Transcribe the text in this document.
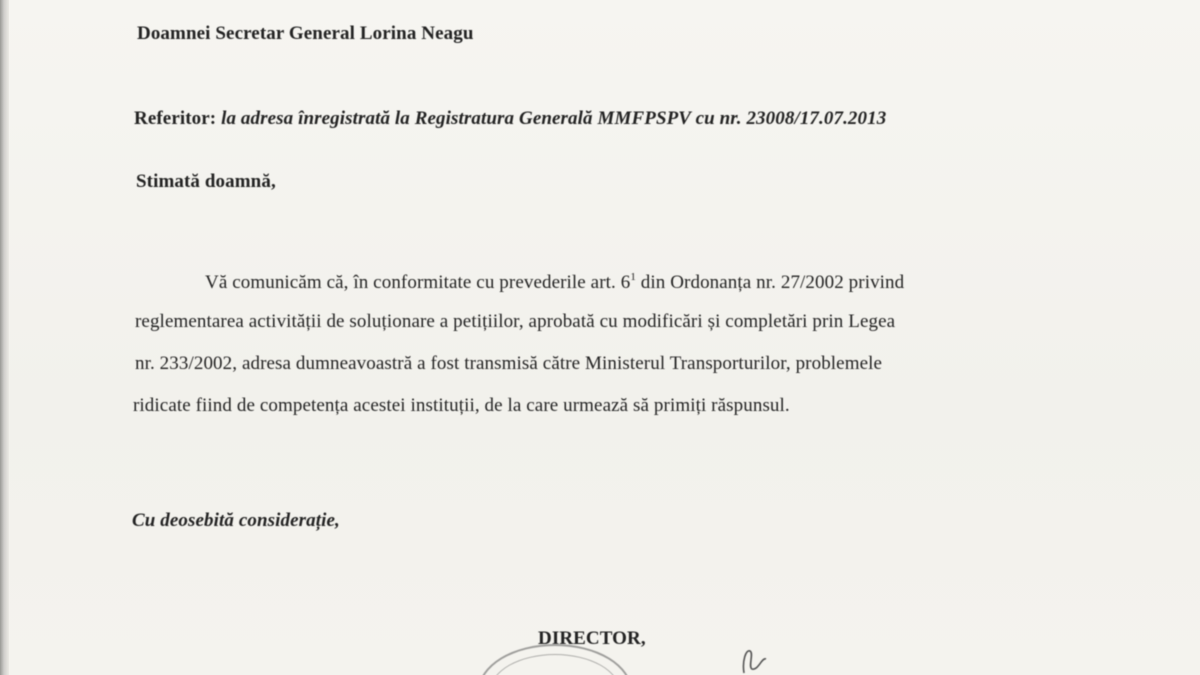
Doamnei Secretar General Lorina Neagu
Referitor: la adresa înregistrată la Registratura Generală MMFPSPV cu nr. 23008/17.07.2013
Stimată doamnă,
Vă comunicăm că, în conformitate cu prevederile art. $6^1$ din Ordonanța nr. 27/2002 privind
reglementarea activității de soluționare a petițiilor, aprobată cu modificări și completări prin Legea
nr. 233/2002, adresa dumneavoastră a fost transmisă către Ministerul Transporturilor, problemele
ridicate fiind de competența acestei instituții, de la care urmează să primiți răspunsul.
Cu deosebită considerație,
DIRECTOR,
